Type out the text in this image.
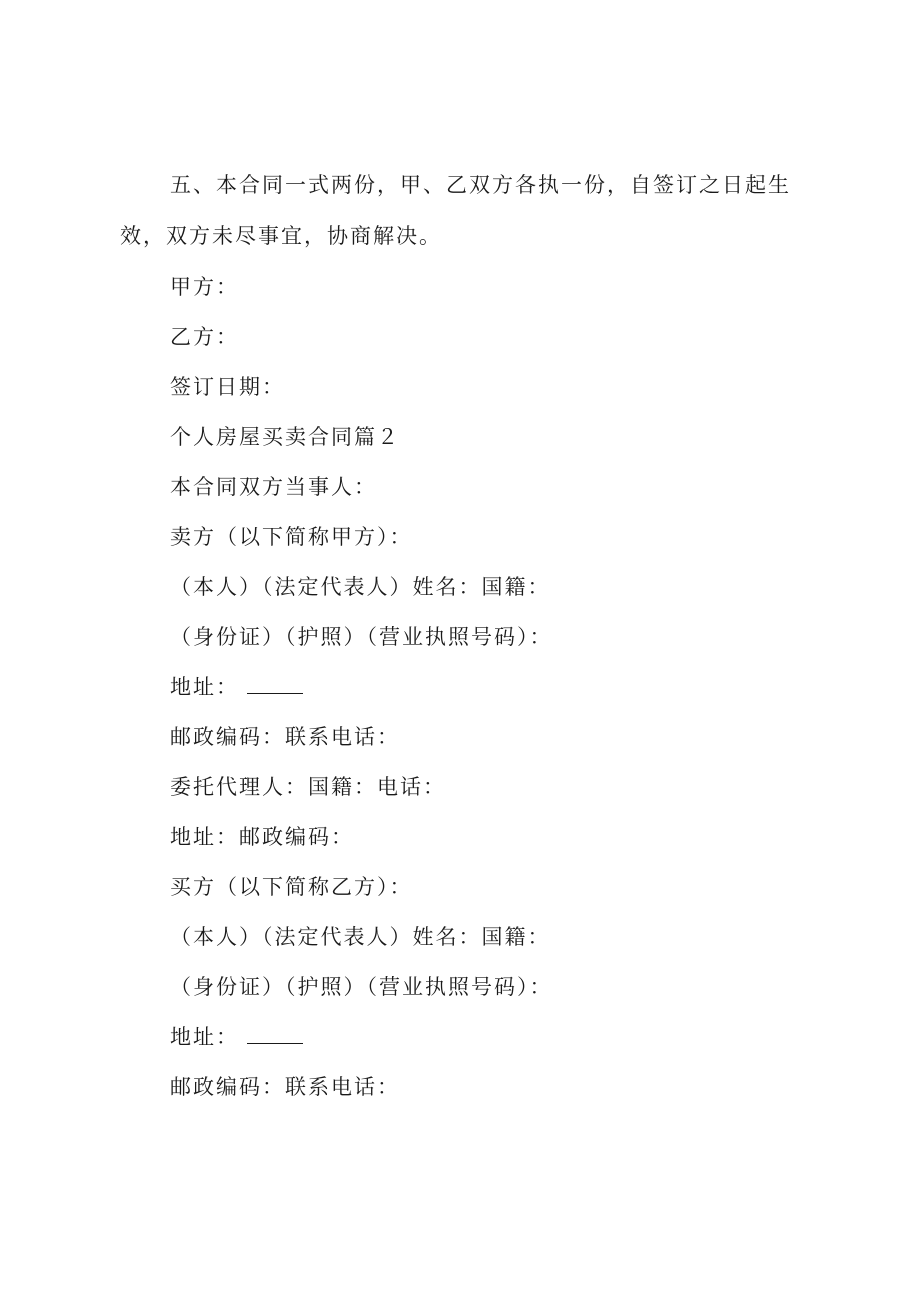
五、本合同一式两份，甲、乙双方各执一份，自签订之日起生效，双方未尽事宜，协商解决。

甲方：

乙方：

签订日期：

个人房屋买卖合同篇２

本合同双方当事人：

卖方（以下简称甲方）：

（本人）（法定代表人）姓名：国籍：

（身份证）（护照）（营业执照号码）：

地址：

邮政编码：联系电话：

委托代理人：国籍：电话：

地址：邮政编码：

买方（以下简称乙方）：

（本人）（法定代表人）姓名：国籍：

（身份证）（护照）（营业执照号码）：

地址：

邮政编码：联系电话：
